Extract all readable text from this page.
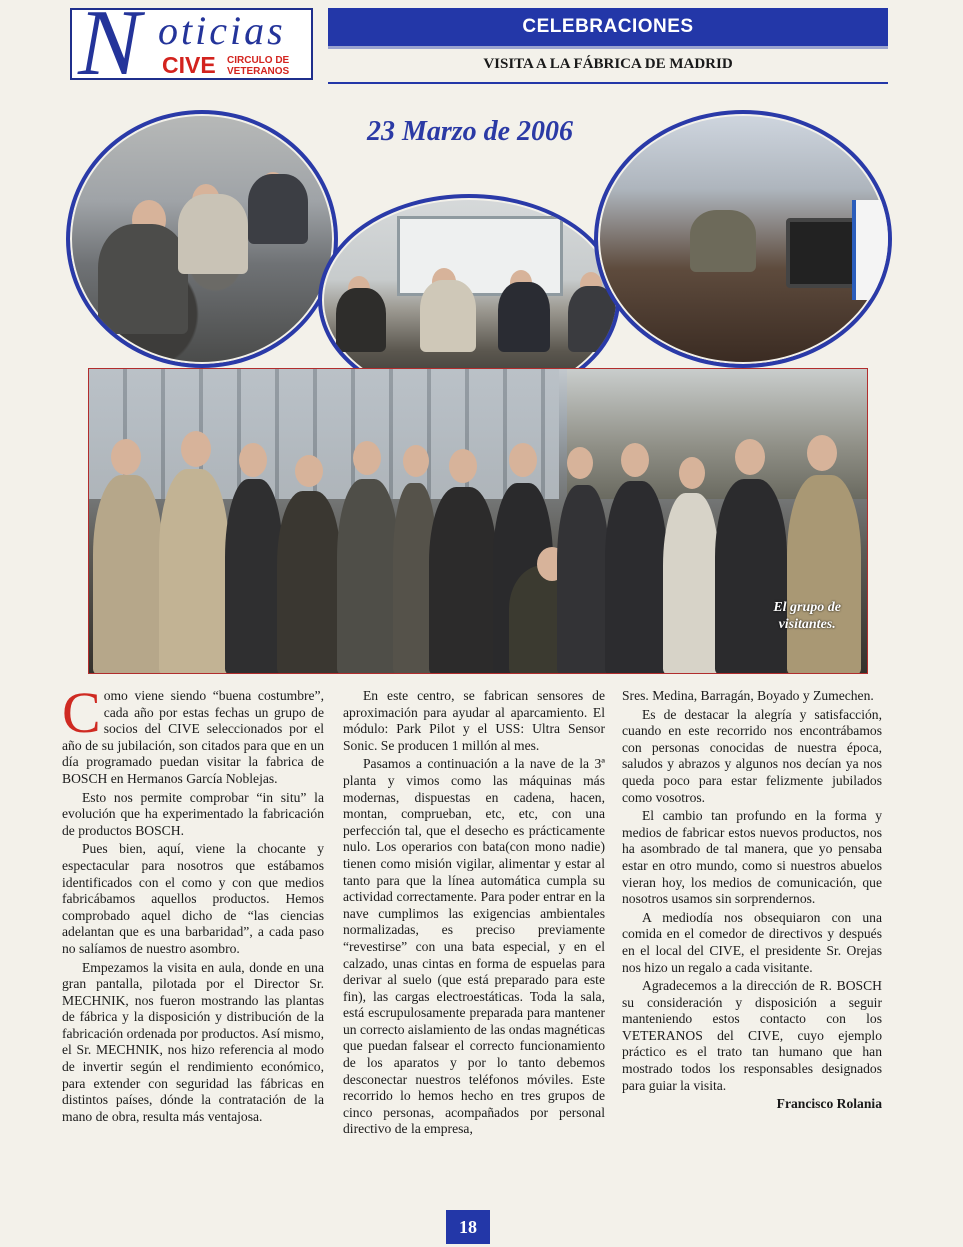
N oticias
CIVE CIRCULO DE
VETERANOS
CELEBRACIONES
VISITA A LA FÁBRICA DE MADRID
23 Marzo de 2006
El grupo de
visitantes.

Como viene siendo “buena costumbre”, cada año por estas fechas un grupo de socios del CIVE seleccionados por el año de su jubilación, son citados para que en un día programado puedan visitar la fabrica de BOSCH en Hermanos García Noblejas.

Esto nos permite comprobar “in situ” la evolución que ha experimentado la fabricación de productos BOSCH.

Pues bien, aquí, viene la chocante y espectacular para nosotros que estábamos identificados con el como y con que medios fabricábamos aquellos productos. Hemos comprobado aquel dicho de “las ciencias adelantan que es una barbaridad”, a cada paso no salíamos de nuestro asombro.

Empezamos la visita en aula, donde en una gran pantalla, pilotada por el Director Sr. MECHNIK, nos fueron mostrando las plantas de fábrica y la disposición y distribución de la fabricación ordenada por productos. Así mismo, el Sr. MECHNIK, nos hizo referencia al modo de invertir según el rendimiento económico, para extender con seguridad las fábricas en distintos países, dónde la contratación de la mano de obra, resulta más ventajosa.

En este centro, se fabrican sensores de aproximación para ayudar al aparcamiento. El módulo: Park Pilot y el USS: Ultra Sensor Sonic. Se producen 1 millón al mes.

Pasamos a continuación a la nave de la 3ª planta y vimos como las máquinas más modernas, dispuestas en cadena, hacen, montan, comprueban, etc, etc, con una perfección tal, que el desecho es prácticamente nulo. Los operarios con bata(con mono nadie) tienen como misión vigilar, alimentar y estar al tanto para que la línea automática cumpla su actividad correctamente. Para poder entrar en la nave cumplimos las exigencias ambientales normalizadas, es preciso previamente “revestirse” con una bata especial, y en el calzado, unas cintas en forma de espuelas para derivar al suelo (que está preparado para este fin), las cargas electroestáticas. Toda la sala, está escrupulosamente preparada para mantener un correcto aislamiento de las ondas magnéticas que puedan falsear el correcto funcionamiento de los aparatos y por lo tanto debemos desconectar nuestros teléfonos móviles. Este recorrido lo hemos hecho en tres grupos de cinco personas, acompañados por personal directivo de la empresa,

Sres. Medina, Barragán, Boyado y Zumechen.

Es de destacar la alegría y satisfacción, cuando en este recorrido nos encontrábamos con personas conocidas de nuestra época, saludos y abrazos y algunos nos decían ya nos queda poco para estar felizmente jubilados como vosotros.

El cambio tan profundo en la forma y medios de fabricar estos nuevos productos, nos ha asombrado de tal manera, que yo pensaba estar en otro mundo, como si nuestros abuelos vieran hoy, los medios de comunicación, que nosotros usamos sin sorprendernos.

A mediodía nos obsequiaron con una comida en el comedor de directivos y después en el local del CIVE, el presidente Sr. Orejas nos hizo un regalo a cada visitante.

Agradecemos a la dirección de R. BOSCH su consideración y disposición a seguir manteniendo estos contacto con los VETERANOS del CIVE, cuyo ejemplo práctico es el trato tan humano que han mostrado todos los responsables designados para guiar la visita.

Francisco Rolania

18
